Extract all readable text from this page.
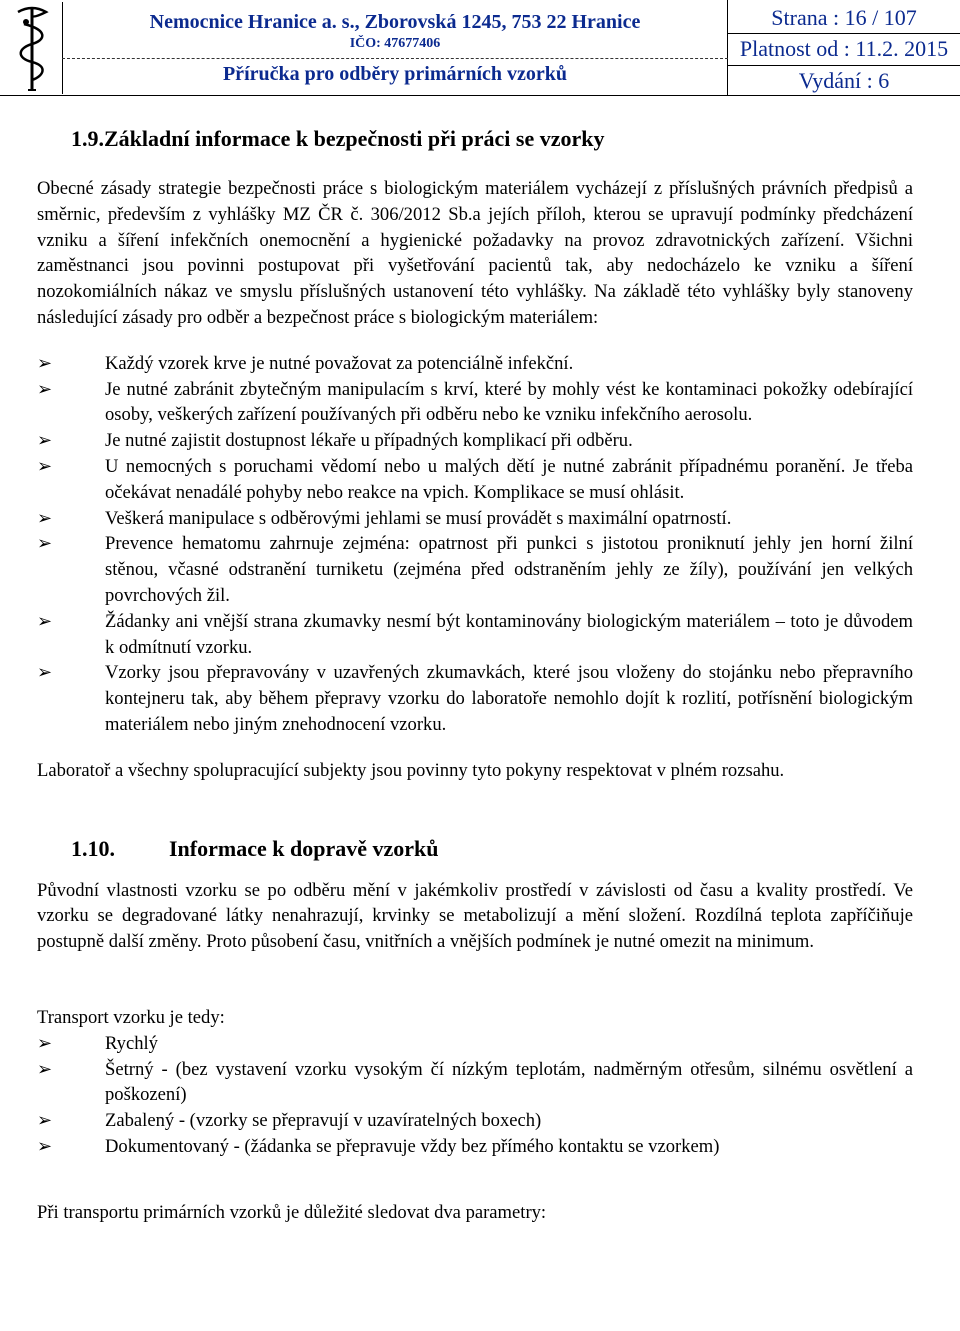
Nemocnice Hranice a. s., Zborovská 1245, 753 22 Hranice
IČO: 47677406
Příručka pro odběry primárních vzorků
Strana : 16 / 107
Platnost od : 11.2. 2015
Vydání : 6
1.9.Základní informace k bezpečnosti při práci se vzorky

Obecné zásady strategie bezpečnosti práce s biologickým materiálem vycházejí z příslušných právních předpisů a směrnic, především z vyhlášky MZ ČR č. 306/2012 Sb.a jejích příloh, kterou se upravují podmínky předcházení vzniku a šíření infekčních onemocnění a hygienické požadavky na provoz zdravotnických zařízení. Všichni zaměstnanci jsou povinni postupovat při vyšetřování pacientů tak, aby nedocházelo ke vzniku a šíření nozokomiálních nákaz ve smyslu příslušných ustanovení této vyhlášky. Na základě této vyhlášky byly stanoveny následující zásady pro odběr a bezpečnost práce s biologickým materiálem:

➢	Každý vzorek krve je nutné považovat za potenciálně infekční.
➢	Je nutné zabránit zbytečným manipulacím s krví, které by mohly vést ke kontaminaci pokožky odebírající osoby, veškerých zařízení používaných při odběru nebo ke vzniku infekčního aerosolu.
➢	Je nutné zajistit dostupnost lékaře u případných komplikací při odběru.
➢	U nemocných s poruchami vědomí nebo u malých dětí je nutné zabránit případnému poranění. Je třeba očekávat nenadálé pohyby nebo reakce na vpich. Komplikace se musí ohlásit.
➢	Veškerá manipulace s odběrovými jehlami se musí provádět s maximální opatrností.
➢	Prevence hematomu zahrnuje zejména: opatrnost při punkci s jistotou proniknutí jehly jen horní žilní stěnou, včasné odstranění turniketu (zejména před odstraněním jehly ze žíly), používání jen velkých povrchových žil.
➢	Žádanky ani vnější strana zkumavky nesmí být kontaminovány biologickým materiálem – toto je důvodem k odmítnutí vzorku.
➢	Vzorky jsou přepravovány v uzavřených zkumavkách, které jsou vloženy do stojánku nebo přepravního kontejneru tak, aby během přepravy vzorku do laboratoře nemohlo dojít k rozlití, potřísnění biologickým materiálem nebo jiným znehodnocení vzorku.

Laboratoř a všechny spolupracující subjekty jsou povinny tyto pokyny respektovat v plném rozsahu.

1.10. Informace k dopravě vzorků

Původní vlastnosti vzorku se po odběru mění v jakémkoliv prostředí v závislosti od času a kvality prostředí. Ve vzorku se degradované látky nenahrazují, krvinky se metabolizují a mění složení. Rozdílná teplota zapříčiňuje postupně další změny. Proto působení času, vnitřních a vnějších podmínek je nutné omezit na minimum.

Transport vzorku je tedy:

➢	Rychlý
➢	Šetrný - (bez vystavení vzorku vysokým čí nízkým teplotám, nadměrným otřesům, silnému osvětlení a poškození)
➢	Zabalený - (vzorky se přepravují v uzavíratelných boxech)
➢	Dokumentovaný - (žádanka se přepravuje vždy bez přímého kontaktu se vzorkem)

Při transportu primárních vzorků je důležité sledovat dva parametry:
